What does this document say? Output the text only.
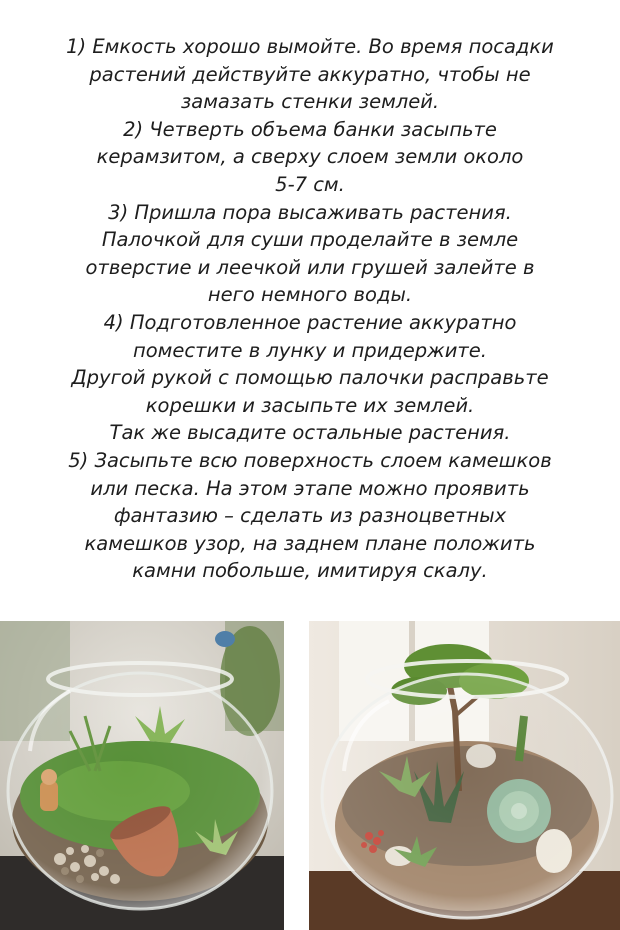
1) Емкость хорошо вымойте. Во время посадки
растений действуйте аккуратно, чтобы не
замазать стенки землей.
2) Четверть объема банки засыпьте
керамзитом, а сверху слоем земли около
5-7 см.
3) Пришла пора высаживать растения.
Палочкой для суши проделайте в земле
отверстие и леечкой или грушей залейте в
него немного воды.
4) Подготовленное растение аккуратно
поместите в лунку и придержите.
Другой рукой с помощью палочки расправьте
корешки и засыпьте их землей.
Так же высадите остальные растения.
5) Засыпьте всю поверхность слоем камешков
или песка. На этом этапе можно проявить
фантазию – сделать из разноцветных
камешков узор, на заднем плане положить
камни побольше, имитируя скалу.
